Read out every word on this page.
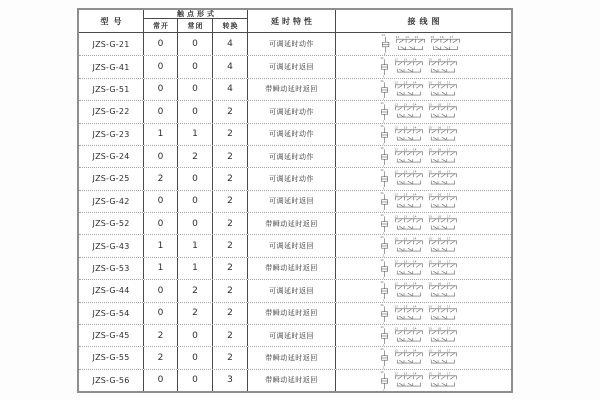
型号
触点形式
常开	常闭	转换	延时特性	接线图
JZS-G-21	0	0	4	可调延时动作
11
1
12 13 14	15 16 17
JZS-G-41	0	0	4	可调延时返回
11
1
12 13 14	15 16 17
JZS-G-51	0	0	4	带瞬动延时返回
11
1
12 13 14	15 16 17
JZS-G-22	0	0	2	可调延时动作
11
1
12 13 14	15 16 17
JZS-G-23	1	1	2	可调延时动作
11
1
12 13 14	15 16 17
JZS-G-24	0	2	2	可调延时动作
11
1
12 13 14	15 16 17
JZS-G-25	2	0	2	可调延时动作
11
1
12 13 14	15 16 17
JZS-G-42	0	0	2	可调延时返回
11
1
12 13 14	15 16 17
JZS-G-52	0	0	2	带瞬动延时返回
11
1
12 13 14	15 16 17
JZS-G-43	1	1	2	可调延时返回
11
1
12 13 14	15 16 17
JZS-G-53	1	1	2	带瞬动延时返回
11
1
12 13 14	15 16 17
JZS-G-44	0	2	2	可调延时返回
11
1
12 13 14	15 16 17
JZS-G-54	0	2	2	带瞬动延时返回
11
1
12 13 14	15 16 17
JZS-G-45	2	0	2	可调延时返回
11
1
12 13 14	15 16 17
JZS-G-55	2	0	2	带瞬动延时返回
11
1
12 13 14	15 16 17
JZS-G-56	0	0	3	带瞬动延时返回
11
1
12 13 14	15 16 17
